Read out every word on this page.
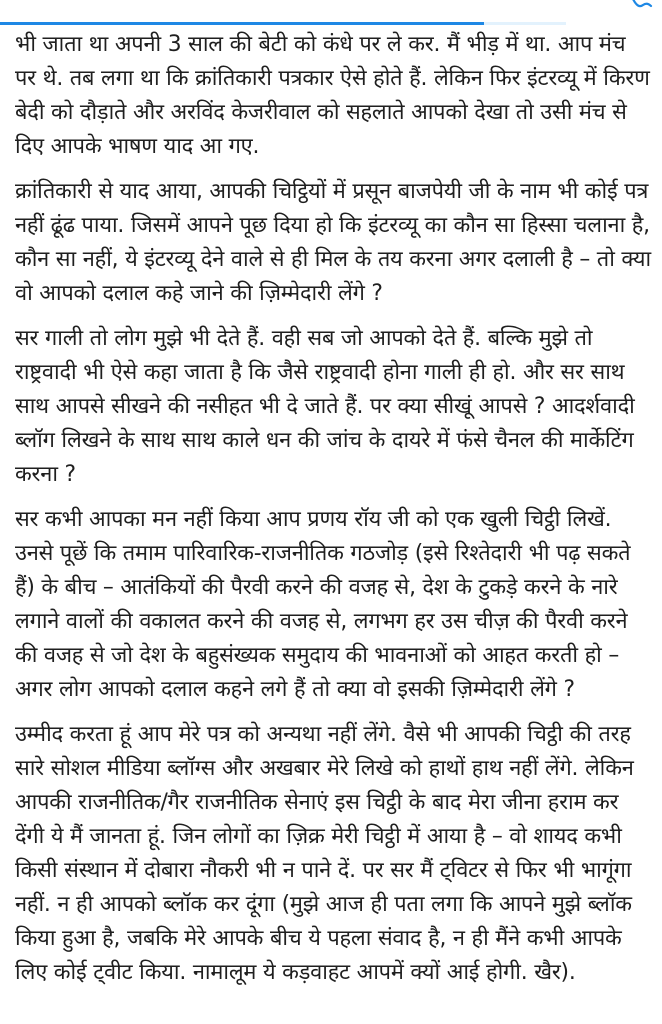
भी जाता था अपनी 3 साल की बेटी को कंधे पर ले कर. मैं भीड़ में था. आप मंच पर थे. तब लगा था कि क्रांतिकारी पत्रकार ऐसे होते हैं. लेकिन फिर इंटरव्यू में किरण बेदी को दौड़ाते और अरविंद केजरीवाल को सहलाते आपको देखा तो उसी मंच से दिए आपके भाषण याद आ गए.

क्रांतिकारी से याद आया, आपकी चिट्ठियों में प्रसून बाजपेयी जी के नाम भी कोई पत्र नहीं ढूंढ पाया. जिसमें आपने पूछ दिया हो कि इंटरव्यू का कौन सा हिस्सा चलाना है, कौन सा नहीं, ये इंटरव्यू देने वाले से ही मिल के तय करना अगर दलाली है – तो क्या वो आपको दलाल कहे जाने की ज़िम्मेदारी लेंगे ?

सर गाली तो लोग मुझे भी देते हैं. वही सब जो आपको देते हैं. बल्कि मुझे तो राष्ट्रवादी भी ऐसे कहा जाता है कि जैसे राष्ट्रवादी होना गाली ही हो. और सर साथ साथ आपसे सीखने की नसीहत भी दे जाते हैं. पर क्या सीखूं आपसे ? आदर्शवादी ब्लॉग लिखने के साथ साथ काले धन की जांच के दायरे में फंसे चैनल की मार्केटिंग करना ?

सर कभी आपका मन नहीं किया आप प्रणय रॉय जी को एक खुली चिट्ठी लिखें. उनसे पूछें कि तमाम पारिवारिक-राजनीतिक गठजोड़ (इसे रिश्तेदारी भी पढ़ सकते हैं) के बीच – आतंकियों की पैरवी करने की वजह से, देश के टुकड़े करने के नारे लगाने वालों की वकालत करने की वजह से, लगभग हर उस चीज़ की पैरवी करने की वजह से जो देश के बहुसंख्यक समुदाय की भावनाओं को आहत करती हो – अगर लोग आपको दलाल कहने लगे हैं तो क्या वो इसकी ज़िम्मेदारी लेंगे ?

उम्मीद करता हूं आप मेरे पत्र को अन्यथा नहीं लेंगे. वैसे भी आपकी चिट्ठी की तरह सारे सोशल मीडिया ब्लॉग्स और अखबार मेरे लिखे को हाथों हाथ नहीं लेंगे. लेकिन आपकी राजनीतिक/गैर राजनीतिक सेनाएं इस चिट्ठी के बाद मेरा जीना हराम कर देंगी ये मैं जानता हूं. जिन लोगों का ज़िक्र मेरी चिट्ठी में आया है – वो शायद कभी किसी संस्थान में दोबारा नौकरी भी न पाने दें. पर सर मैं ट्विटर से फिर भी भागूंगा नहीं. न ही आपको ब्लॉक कर दूंगा (मुझे आज ही पता लगा कि आपने मुझे ब्लॉक किया हुआ है, जबकि मेरे आपके बीच ये पहला संवाद है, न ही मैंने कभी आपके लिए कोई ट्वीट किया. नामालूम ये कड़वाहट आपमें क्यों आई होगी. खैर).
